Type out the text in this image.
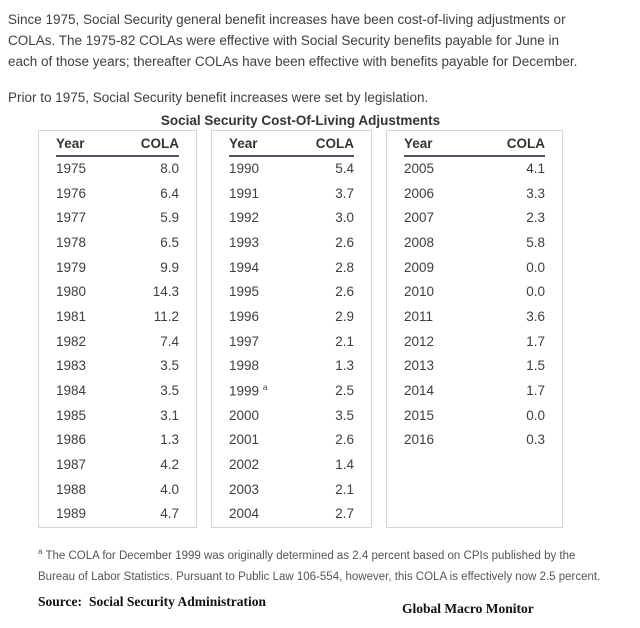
Since 1975, Social Security general benefit increases have been cost-of-living adjustments or
COLAs. The 1975-82 COLAs were effective with Social Security benefits payable for June in
each of those years; thereafter COLAs have been effective with benefits payable for December.
Prior to 1975, Social Security benefit increases were set by legislation.
Social Security Cost-Of-Living Adjustments
Year	COLA
1975	8.0
1976	6.4
1977	5.9
1978	6.5
1979	9.9
1980	14.3
1981	11.2
1982	7.4
1983	3.5
1984	3.5
1985	3.1
1986	1.3
1987	4.2
1988	4.0
1989	4.7
Year	COLA
1990	5.4
1991	3.7
1992	3.0
1993	2.6
1994	2.8
1995	2.6
1996	2.9
1997	2.1
1998	1.3
1999 $^a$	2.5
2000	3.5
2001	2.6
2002	1.4
2003	2.1
2004	2.7
Year	COLA
2005	4.1
2006	3.3
2007	2.3
2008	5.8
2009	0.0
2010	0.0
2011	3.6
2012	1.7
2013	1.5
2014	1.7
2015	0.0
2016	0.3
$^a$ The COLA for December 1999 was originally determined as 2.4 percent based on CPIs published by the
Bureau of Labor Statistics. Pursuant to Public Law 106-554, however, this COLA is effectively now 2.5 percent.
Source: Social Security Administration	Global Macro Monitor
